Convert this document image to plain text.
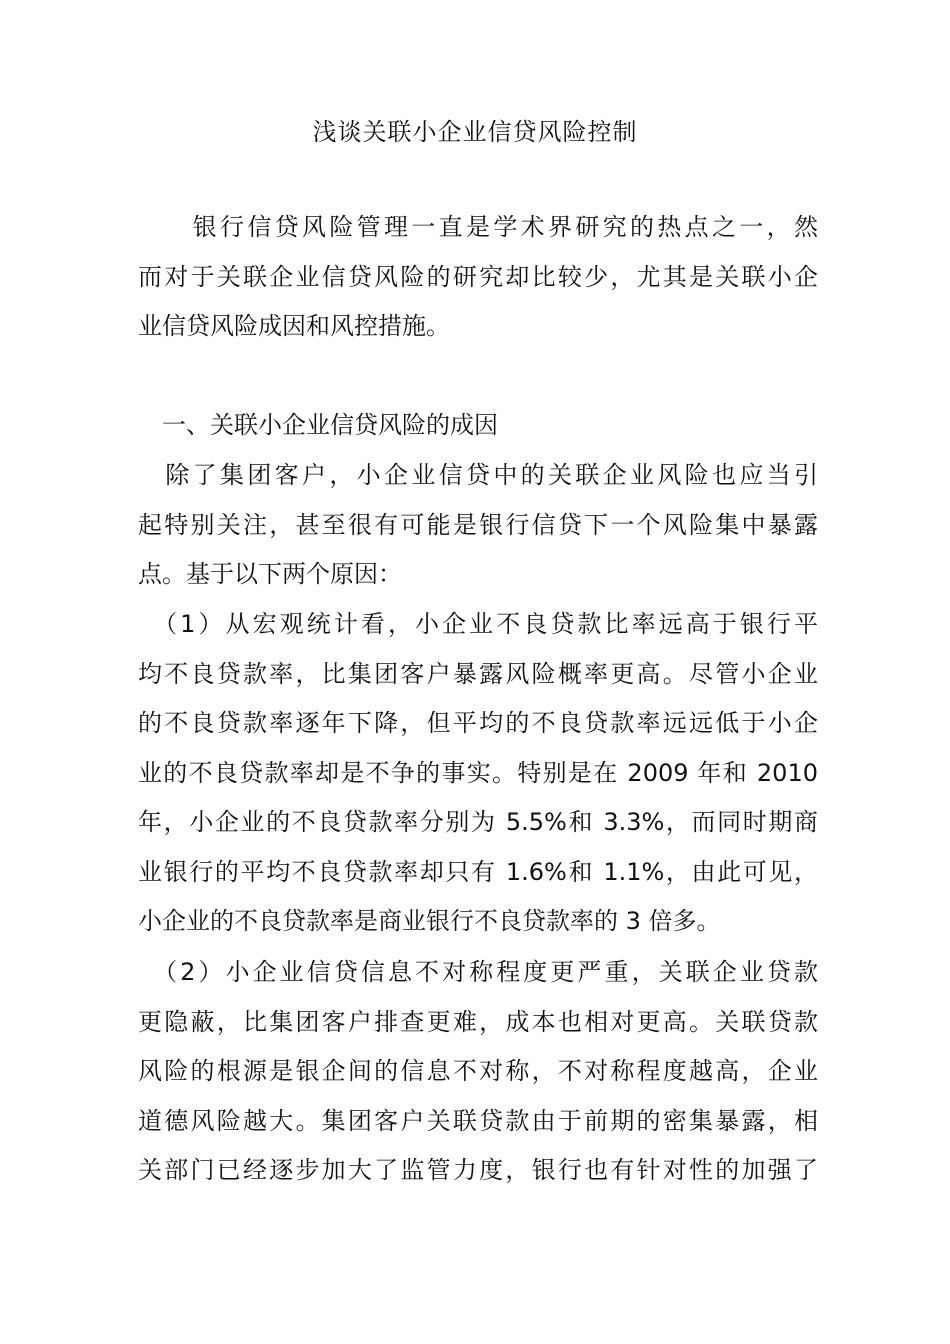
浅谈关联小企业信贷风险控制
　　银行信贷风险管理一直是学术界研究的热点之一，然
而对于关联企业信贷风险的研究却比较少，尤其是关联小企
业信贷风险成因和风控措施。
　一、关联小企业信贷风险的成因
　除了集团客户，小企业信贷中的关联企业风险也应当引
起特别关注，甚至很有可能是银行信贷下一个风险集中暴露
点。基于以下两个原因：
　（1）从宏观统计看，小企业不良贷款比率远高于银行平
均不良贷款率，比集团客户暴露风险概率更高。尽管小企业
的不良贷款率逐年下降，但平均的不良贷款率远远低于小企
业的不良贷款率却是不争的事实。特别是在 2009 年和 2010
年，小企业的不良贷款率分别为 5.5%和 3.3%，而同时期商
业银行的平均不良贷款率却只有 1.6%和 1.1%，由此可见，
小企业的不良贷款率是商业银行不良贷款率的 3 倍多。
　（2）小企业信贷信息不对称程度更严重，关联企业贷款
更隐蔽，比集团客户排查更难，成本也相对更高。关联贷款
风险的根源是银企间的信息不对称，不对称程度越高，企业
道德风险越大。集团客户关联贷款由于前期的密集暴露，相
关部门已经逐步加大了监管力度，银行也有针对性的加强了
